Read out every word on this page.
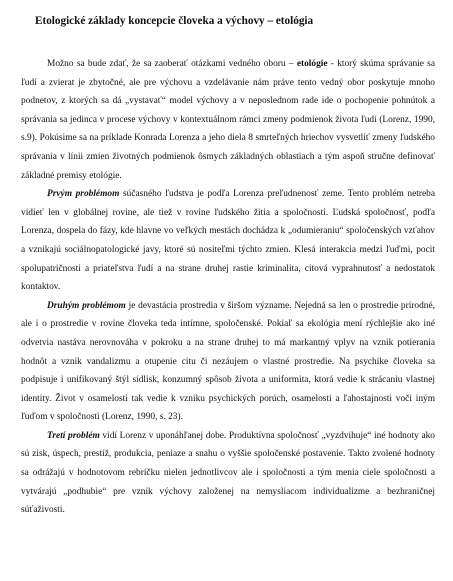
Etologické základy koncepcie človeka a výchovy – etológia

Možno sa bude zdať, že sa zaoberať otázkami vedného oboru – etológie - ktorý skúma správanie sa ľudí a zvierat je zbytočné, ale pre výchovu a vzdelávanie nám práve tento vedný obor poskytuje mnoho podnetov, z ktorých sa dá „vystavať“ model výchovy a v neposlednom rade ide o pochopenie pohnútok a správania sa jedinca v procese výchovy v kontextuálnom rámci zmeny podmienok života ľudí (Lorenz, 1990, s.9). Pokúsime sa na príklade Konrada Lorenza a jeho diela 8 smrteľných hriechov vysvetliť zmeny ľudského správania v línii zmien životných podmienok ôsmych základných oblastiach a tým aspoň stručne definovať základné premisy etológie.

Prvým problémom súčasného ľudstva je podľa Lorenza preľudnenosť zeme. Tento problém netreba vidieť len v globálnej rovine, ale tiež v rovine ľudského žitia a spoločnosti. Ľudská spoločnosť, podľa Lorenza, dospela do fázy, kde hlavne vo veľkých mestách dochádza k „odumieraniu“ spoločenských vzťahov a vznikajú sociálnopatologické javy, ktoré sú nositeľmi týchto zmien. Klesá interakcia medzi ľuďmi, pocit spolupatričnosti a priateľstva ľudí a na strane druhej rastie kriminalita, citová vyprahnutosť a nedostatok kontaktov.

Druhým problémom je devastácia prostredia v širšom význame. Nejedná sa len o prostredie prírodné, ale i o prostredie v rovine človeka teda intímne, spoločenské. Pokiaľ sa ekológia mení rýchlejšie ako iné odvetvia nastáva nerovnováha v pokroku a na strane druhej to má markantný vplyv na vznik potierania hodnôt a vznik vandalizmu a otupenie citu či nezáujem o vlastné prostredie. Na psychike človeka sa podpisuje i unifikovaný štýl sídlisk, konzumný spôsob života a uniformita, ktorá vedie k strácaniu vlastnej identity. Život v osamelosti tak vedie k vzniku psychických porúch, osamelosti a ľahostajnosti voči iným ľuďom v spoločnosti (Lorenz, 1990, s. 23).

Tretí problém vidí Lorenz v uponáhľanej dobe. Produktívna spoločnosť „vyzdvihuje“ iné hodnoty ako sú zisk, úspech, prestíž, produkcia, peniaze a snahu o vyššie spoločenské postavenie. Takto zvolené hodnoty sa odrážajú v hodnotovom rebríčku nielen jednotlivcov ale i spoločnosti a tým menia ciele spoločnosti a vytvárajú „podhubie“ pre vznik výchovy založenej na nemysliacom individualizme a bezhraničnej súťaživosti.
